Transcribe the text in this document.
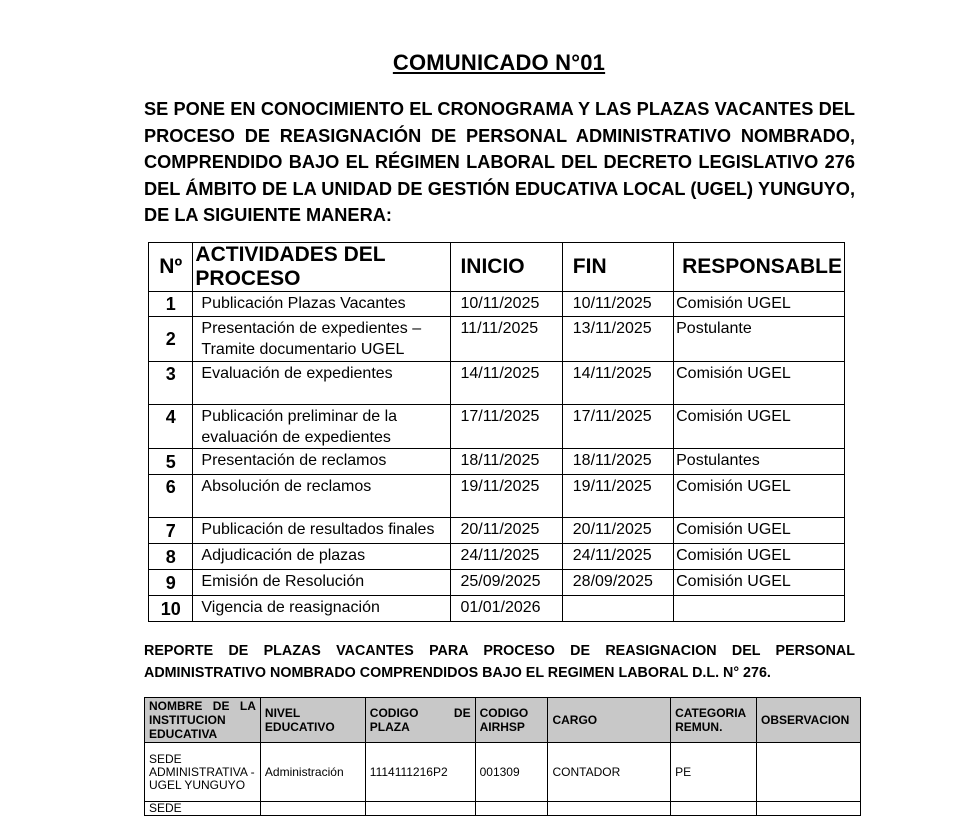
COMUNICADO N°01
SE PONE EN CONOCIMIENTO EL CRONOGRAMA Y LAS PLAZAS VACANTES DEL PROCESO DE REASIGNACIÓN DE PERSONAL ADMINISTRATIVO NOMBRADO, COMPRENDIDO BAJO EL RÉGIMEN LABORAL DEL DECRETO LEGISLATIVO 276 DEL ÁMBITO DE LA UNIDAD DE GESTIÓN EDUCATIVA LOCAL (UGEL) YUNGUYO, DE LA SIGUIENTE MANERA:
Nº	ACTIVIDADES DEL PROCESO	INICIO	FIN	RESPONSABLE
1	Publicación Plazas Vacantes	10/11/2025	10/11/2025	Comisión UGEL
2	Presentación de expedientes – Tramite documentario UGEL	11/11/2025	13/11/2025	Postulante
3	Evaluación de expedientes	14/11/2025	14/11/2025	Comisión UGEL
4	Publicación preliminar de la evaluación de expedientes	17/11/2025	17/11/2025	Comisión UGEL
5	Presentación de reclamos	18/11/2025	18/11/2025	Postulantes
6	Absolución de reclamos	19/11/2025	19/11/2025	Comisión UGEL
7	Publicación de resultados finales	20/11/2025	20/11/2025	Comisión UGEL
8	Adjudicación de plazas	24/11/2025	24/11/2025	Comisión UGEL
9	Emisión de Resolución	25/09/2025	28/09/2025	Comisión UGEL
10	Vigencia de reasignación	01/01/2026		
REPORTE DE PLAZAS VACANTES PARA PROCESO DE REASIGNACION DEL PERSONAL ADMINISTRATIVO NOMBRADO COMPRENDIDOS BAJO EL REGIMEN LABORAL D.L. N° 276.
NOMBRE DE LA INSTITUCION EDUCATIVA	NIVEL EDUCATIVO	CODIGO DE PLAZA	CODIGO AIRHSP	CARGO	CATEGORIA REMUN.	OBSERVACION
SEDE ADMINISTRATIVA - UGEL YUNGUYO	Administración	1114111216P2	001309	CONTADOR	PE	
SEDE						
